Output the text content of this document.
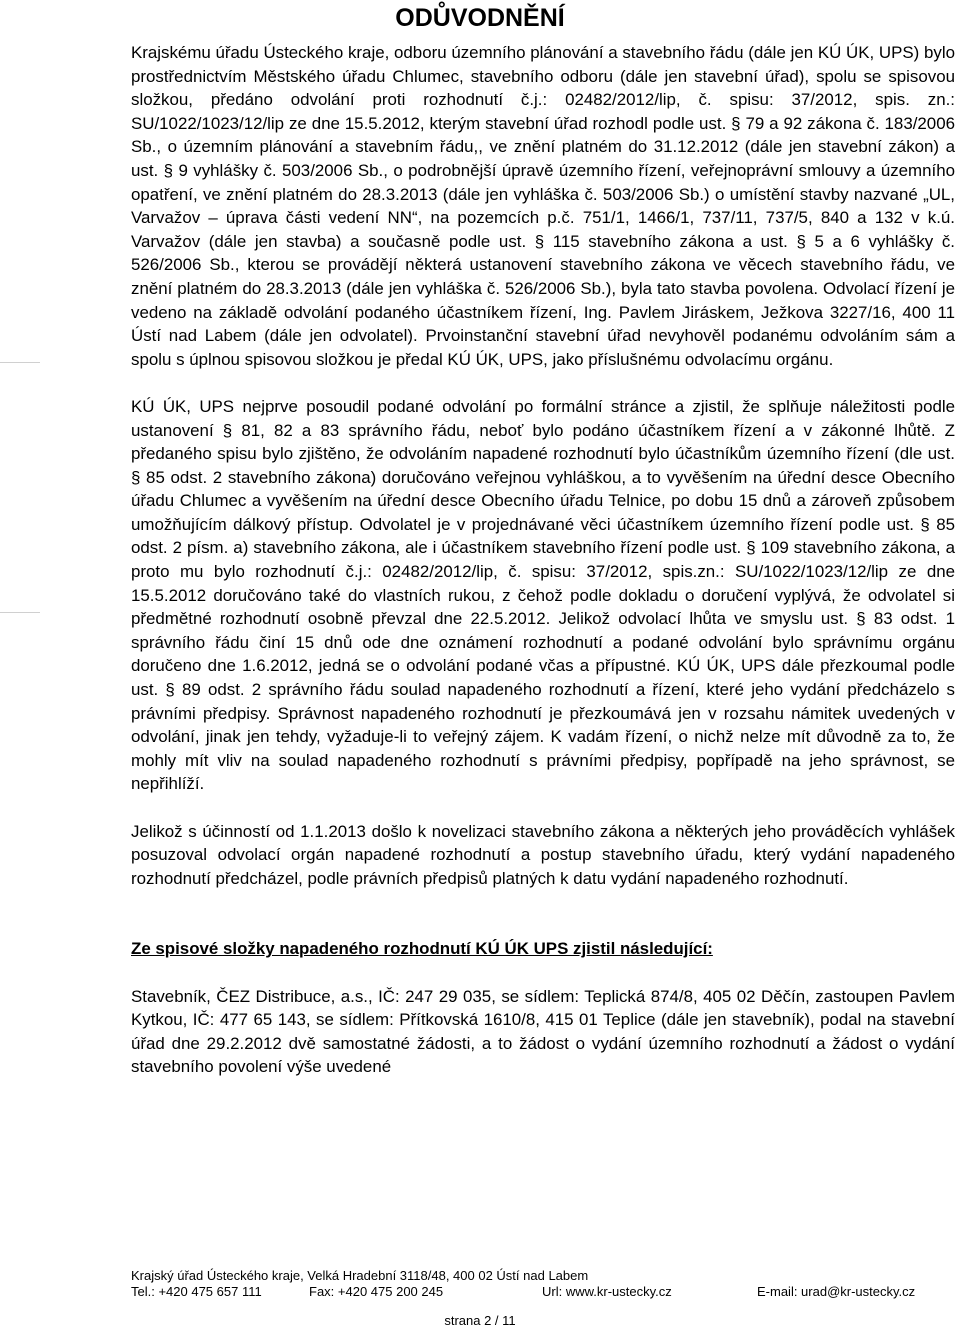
ODŮVODNĚNÍ

Krajskému úřadu Ústeckého kraje, odboru územního plánování a stavebního řádu (dále jen KÚ ÚK, UPS) bylo prostřednictvím Městského úřadu Chlumec, stavebního odboru (dále jen stavební úřad), spolu se spisovou složkou, předáno odvolání proti rozhodnutí č.j.: 02482/2012/lip, č. spisu: 37/2012, spis. zn.: SU/1022/1023/12/lip ze dne 15.5.2012, kterým stavební úřad rozhodl podle ust. § 79 a 92 zákona č. 183/2006 Sb., o územním plánování a stavebním řádu,, ve znění platném do 31.12.2012 (dále jen stavební zákon) a ust. § 9 vyhlášky č. 503/2006 Sb., o podrobnější úpravě územního řízení, veřejnoprávní smlouvy a územního opatření, ve znění platném do 28.3.2013 (dále jen vyhláška č. 503/2006 Sb.) o umístění stavby nazvané „UL, Varvažov – úprava části vedení NN“, na pozemcích p.č. 751/1, 1466/1, 737/11, 737/5, 840 a 132 v k.ú. Varvažov (dále jen stavba) a současně podle ust. § 115 stavebního zákona a ust. § 5 a 6 vyhlášky č. 526/2006 Sb., kterou se provádějí některá ustanovení stavebního zákona ve věcech stavebního řádu, ve znění platném do 28.3.2013 (dále jen vyhláška č. 526/2006 Sb.), byla tato stavba povolena. Odvolací řízení je vedeno na základě odvolání podaného účastníkem řízení, Ing. Pavlem Jiráskem, Ježkova 3227/16, 400 11 Ústí nad Labem (dále jen odvolatel). Prvoinstanční stavební úřad nevyhověl podanému odvoláním sám a spolu s úplnou spisovou složkou je předal KÚ ÚK, UPS, jako příslušnému odvolacímu orgánu.

KÚ ÚK, UPS nejprve posoudil podané odvolání po formální stránce a zjistil, že splňuje náležitosti podle ustanovení § 81, 82 a 83 správního řádu, neboť bylo podáno účastníkem řízení a v zákonné lhůtě. Z předaného spisu bylo zjištěno, že odvoláním napadené rozhodnutí bylo účastníkům územního řízení (dle ust. § 85 odst. 2 stavebního zákona) doručováno veřejnou vyhláškou, a to vyvěšením na úřední desce Obecního úřadu Chlumec a vyvěšením na úřední desce Obecního úřadu Telnice, po dobu 15 dnů a zároveň způsobem umožňujícím dálkový přístup. Odvolatel je v projednávané věci účastníkem územního řízení podle ust. § 85 odst. 2 písm. a) stavebního zákona, ale i účastníkem stavebního řízení podle ust. § 109 stavebního zákona, a proto mu bylo rozhodnutí č.j.: 02482/2012/lip, č. spisu: 37/2012, spis.zn.: SU/1022/1023/12/lip ze dne 15.5.2012 doručováno také do vlastních rukou, z čehož podle dokladu o doručení vyplývá, že odvolatel si předmětné rozhodnutí osobně převzal dne 22.5.2012. Jelikož odvolací lhůta ve smyslu ust. § 83 odst. 1 správního řádu činí 15 dnů ode dne oznámení rozhodnutí a podané odvolání bylo správnímu orgánu doručeno dne 1.6.2012, jedná se o odvolání podané včas a přípustné. KÚ ÚK, UPS dále přezkoumal podle ust. § 89 odst. 2 správního řádu soulad napadeného rozhodnutí a řízení, které jeho vydání předcházelo s právními předpisy. Správnost napadeného rozhodnutí je přezkoumává jen v rozsahu námitek uvedených v odvolání, jinak jen tehdy, vyžaduje-li to veřejný zájem. K vadám řízení, o nichž nelze mít důvodně za to, že mohly mít vliv na soulad napadeného rozhodnutí s právními předpisy, popřípadě na jeho správnost, se nepřihlíží.

Jelikož s účinností od 1.1.2013 došlo k novelizaci stavebního zákona a některých jeho prováděcích vyhlášek posuzoval odvolací orgán napadené rozhodnutí a postup stavebního úřadu, který vydání napadeného rozhodnutí předcházel, podle právních předpisů platných k datu vydání napadeného rozhodnutí.

Ze spisové složky napadeného rozhodnutí KÚ ÚK UPS zjistil následující:

Stavebník, ČEZ Distribuce, a.s., IČ: 247 29 035, se sídlem: Teplická 874/8, 405 02 Děčín, zastoupen Pavlem Kytkou, IČ: 477 65 143, se sídlem: Přítkovská 1610/8, 415 01 Teplice (dále jen stavebník), podal na stavební úřad dne 29.2.2012 dvě samostatné žádosti, a to žádost o vydání územního rozhodnutí a žádost o vydání stavebního povolení výše uvedené

Krajský úřad Ústeckého kraje, Velká Hradební 3118/48, 400 02 Ústí nad Labem
Tel.: +420 475 657 111	Fax: +420 475 200 245	Url: www.kr-ustecky.cz	E-mail: urad@kr-ustecky.cz
strana 2 / 11
